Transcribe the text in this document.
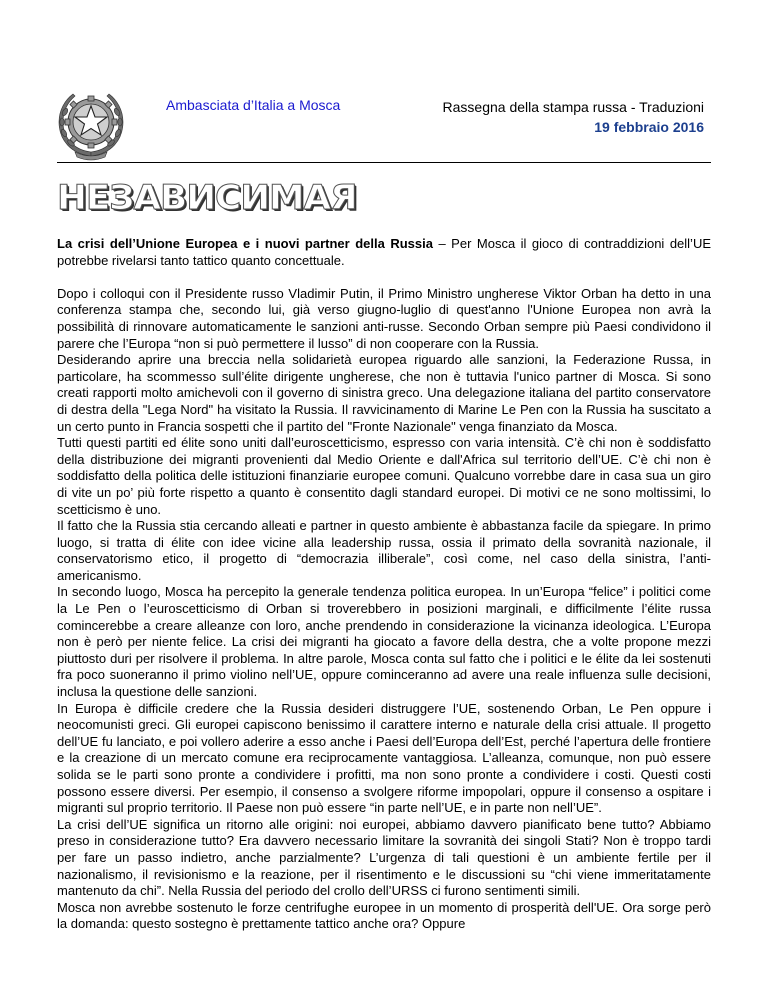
Ambasciata d’Italia a Mosca	Rassegna della stampa russa - Traduzioni
19 febbraio 2016
НЕЗАВИСИМАЯ

La crisi dell’Unione Europea e i nuovi partner della Russia – Per Mosca il gioco di contraddizioni dell’UE potrebbe rivelarsi tanto tattico quanto concettuale.

Dopo i colloqui con il Presidente russo Vladimir Putin, il Primo Ministro ungherese Viktor Orban ha detto in una conferenza stampa che, secondo lui, già verso giugno-luglio di quest'anno l'Unione Europea non avrà la possibilità di rinnovare automaticamente le sanzioni anti-russe. Secondo Orban sempre più Paesi condividono il parere che l’Europa “non si può permettere il lusso” di non cooperare con la Russia.

Desiderando aprire una breccia nella solidarietà europea riguardo alle sanzioni, la Federazione Russa, in particolare, ha scommesso sull’élite dirigente ungherese, che non è tuttavia l'unico partner di Mosca. Si sono creati rapporti molto amichevoli con il governo di sinistra greco. Una delegazione italiana del partito conservatore di destra della "Lega Nord" ha visitato la Russia. Il ravvicinamento di Marine Le Pen con la Russia ha suscitato a un certo punto in Francia sospetti che il partito del "Fronte Nazionale" venga finanziato da Mosca.

Tutti questi partiti ed élite sono uniti dall’euroscetticismo, espresso con varia intensità. C’è chi non è soddisfatto della distribuzione dei migranti provenienti dal Medio Oriente e dall'Africa sul territorio dell’UE. C’è chi non è soddisfatto della politica delle istituzioni finanziarie europee comuni. Qualcuno vorrebbe dare in casa sua un giro di vite un po’ più forte rispetto a quanto è consentito dagli standard europei. Di motivi ce ne sono moltissimi, lo scetticismo è uno.

Il fatto che la Russia stia cercando alleati e partner in questo ambiente è abbastanza facile da spiegare. In primo luogo, si tratta di élite con idee vicine alla leadership russa, ossia il primato della sovranità nazionale, il conservatorismo etico, il progetto di “democrazia illiberale”, così come, nel caso della sinistra, l’anti-americanismo.

In secondo luogo, Mosca ha percepito la generale tendenza politica europea. In un’Europa “felice” i politici come la Le Pen o l’euroscetticismo di Orban si troverebbero in posizioni marginali, e difficilmente l’élite russa comincerebbe a creare alleanze con loro, anche prendendo in considerazione la vicinanza ideologica. L’Europa non è però per niente felice. La crisi dei migranti ha giocato a favore della destra, che a volte propone mezzi piuttosto duri per risolvere il problema. In altre parole, Mosca conta sul fatto che i politici e le élite da lei sostenuti fra poco suoneranno il primo violino nell’UE, oppure cominceranno ad avere una reale influenza sulle decisioni, inclusa la questione delle sanzioni.

In Europa è difficile credere che la Russia desideri distruggere l’UE, sostenendo Orban, Le Pen oppure i neocomunisti greci. Gli europei capiscono benissimo il carattere interno e naturale della crisi attuale. Il progetto dell’UE fu lanciato, e poi vollero aderire a esso anche i Paesi dell’Europa dell’Est, perché l’apertura delle frontiere e la creazione di un mercato comune era reciprocamente vantaggiosa. L’alleanza, comunque, non può essere solida se le parti sono pronte a condividere i profitti, ma non sono pronte a condividere i costi. Questi costi possono essere diversi. Per esempio, il consenso a svolgere riforme impopolari, oppure il consenso a ospitare i migranti sul proprio territorio. Il Paese non può essere “in parte nell’UE, e in parte non nell’UE”.

La crisi dell’UE significa un ritorno alle origini: noi europei, abbiamo davvero pianificato bene tutto? Abbiamo preso in considerazione tutto? Era davvero necessario limitare la sovranità dei singoli Stati? Non è troppo tardi per fare un passo indietro, anche parzialmente? L’urgenza di tali questioni è un ambiente fertile per il nazionalismo, il revisionismo e la reazione, per il risentimento e le discussioni su “chi viene immeritatamente mantenuto da chi”. Nella Russia del periodo del crollo dell’URSS ci furono sentimenti simili.

Mosca non avrebbe sostenuto le forze centrifughe europee in un momento di prosperità dell'UE. Ora sorge però la domanda: questo sostegno è prettamente tattico anche ora? Oppure
